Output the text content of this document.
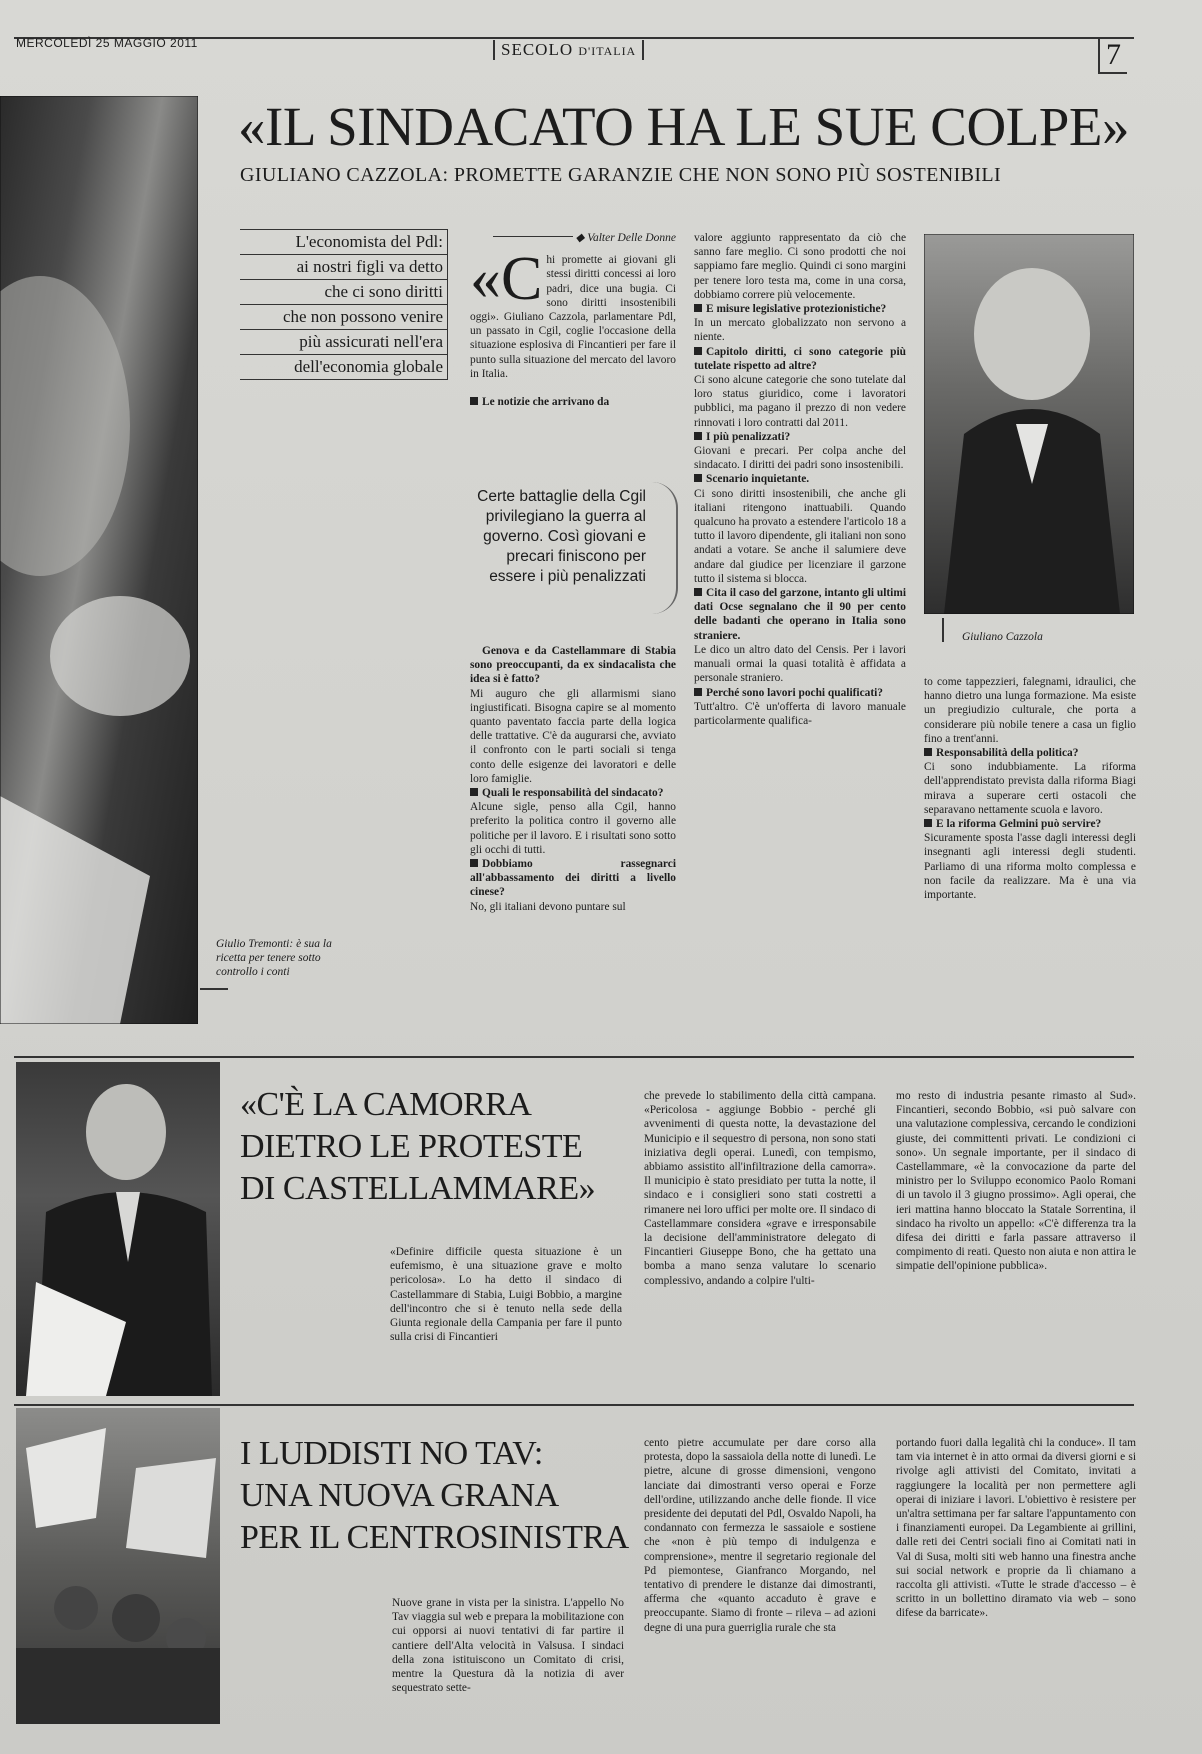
MERCOLEDÌ 25 MAGGIO 2011	SECOLO D'ITALIA	7
Giulio Tremonti: è sua la ricetta per tenere sotto controllo i conti
«IL SINDACATO HA LE SUE COLPE»
GIULIANO CAZZOLA: PROMETTE GARANZIE CHE NON SONO PIÙ SOSTENIBILI
L'economista del Pdl:
ai nostri figli va detto
che ci sono diritti
che non possono venire
più assicurati nell'era
dell'economia globale
◆ Valter Delle Donne

«Chi promette ai giovani gli stessi diritti concessi ai loro padri, dice una bugia. Ci sono diritti insostenibili oggi». Giuliano Cazzola, parlamentare Pdl, un passato in Cgil, coglie l'occasione della situazione esplosiva di Fincantieri per fare il punto sulla situazione del mercato del lavoro in Italia.

Le notizie che arrivano da

Certe battaglie della Cgil privilegiano la guerra al governo. Così giovani e precari finiscono per essere i più penalizzati

Genova e da Castellammare di Stabia sono preoccupanti, da ex sindacalista che idea si è fatto?

Mi auguro che gli allarmismi siano ingiustificati. Bisogna capire se al momento quanto paventato faccia parte della logica delle trattative. C'è da augurarsi che, avviato il confronto con le parti sociali si tenga conto delle esigenze dei lavoratori e delle loro famiglie.

Quali le responsabilità del sindacato?

Alcune sigle, penso alla Cgil, hanno preferito la politica contro il governo alle politiche per il lavoro. E i risultati sono sotto gli occhi di tutti.

Dobbiamo rassegnarci all'abbassamento dei diritti a livello cinese?

No, gli italiani devono puntare sul

valore aggiunto rappresentato da ciò che sanno fare meglio. Ci sono prodotti che noi sappiamo fare meglio. Quindi ci sono margini per tenere loro testa ma, come in una corsa, dobbiamo correre più velocemente.

E misure legislative protezionistiche?

In un mercato globalizzato non servono a niente.

Capitolo diritti, ci sono categorie più tutelate rispetto ad altre?

Ci sono alcune categorie che sono tutelate dal loro status giuridico, come i lavoratori pubblici, ma pagano il prezzo di non vedere rinnovati i loro contratti dal 2011.

I più penalizzati?

Giovani e precari. Per colpa anche del sindacato. I diritti dei padri sono insostenibili.

Scenario inquietante.

Ci sono diritti insostenibili, che anche gli italiani ritengono inattuabili. Quando qualcuno ha provato a estendere l'articolo 18 a tutto il lavoro dipendente, gli italiani non sono andati a votare. Se anche il salumiere deve andare dal giudice per licenziare il garzone tutto il sistema si blocca.

Cita il caso del garzone, intanto gli ultimi dati Ocse segnalano che il 90 per cento delle badanti che operano in Italia sono straniere.

Le dico un altro dato del Censis. Per i lavori manuali ormai la quasi totalità è affidata a personale straniero.

Perché sono lavori pochi qualificati?

Tutt'altro. C'è un'offerta di lavoro manuale particolarmente qualifica-

Giuliano Cazzola

to come tappezzieri, falegnami, idraulici, che hanno dietro una lunga formazione. Ma esiste un pregiudizio culturale, che porta a considerare più nobile tenere a casa un figlio fino a trent'anni.

Responsabilità della politica?

Ci sono indubbiamente. La riforma dell'apprendistato prevista dalla riforma Biagi mirava a superare certi ostacoli che separavano nettamente scuola e lavoro.

E la riforma Gelmini può servire?

Sicuramente sposta l'asse dagli interessi degli insegnanti agli interessi degli studenti. Parliamo di una riforma molto complessa e non facile da realizzare. Ma è una via importante.

«C'È LA CAMORRA
DIETRO LE PROTESTE
DI CASTELLAMMARE»
«Definire difficile questa situazione è un eufemismo, è una situazione grave e molto pericolosa». Lo ha detto il sindaco di Castellammare di Stabia, Luigi Bobbio, a margine dell'incontro che si è tenuto nella sede della Giunta regionale della Campania per fare il punto sulla crisi di Fincantieri
che prevede lo stabilimento della città campana. «Pericolosa - aggiunge Bobbio - perché gli avvenimenti di questa notte, la devastazione del Municipio e il sequestro di persona, non sono stati iniziativa degli operai. Lunedì, con tempismo, abbiamo assistito all'infiltrazione della camorra». Il municipio è stato presidiato per tutta la notte, il sindaco e i consiglieri sono stati costretti a rimanere nei loro uffici per molte ore. Il sindaco di Castellammare considera «grave e irresponsabile la decisione dell'amministratore delegato di Fincantieri Giuseppe Bono, che ha gettato una bomba a mano senza valutare lo scenario complessivo, andando a colpire l'ulti-
mo resto di industria pesante rimasto al Sud». Fincantieri, secondo Bobbio, «si può salvare con una valutazione complessiva, cercando le condizioni giuste, dei committenti privati. Le condizioni ci sono». Un segnale importante, per il sindaco di Castellammare, «è la convocazione da parte del ministro per lo Sviluppo economico Paolo Romani di un tavolo il 3 giugno prossimo». Agli operai, che ieri mattina hanno bloccato la Statale Sorrentina, il sindaco ha rivolto un appello: «C'è differenza tra la difesa dei diritti e farla passare attraverso il compimento di reati. Questo non aiuta e non attira le simpatie dell'opinione pubblica».
I LUDDISTI NO TAV:
UNA NUOVA GRANA
PER IL CENTROSINISTRA
Nuove grane in vista per la sinistra. L'appello No Tav viaggia sul web e prepara la mobilitazione con cui opporsi ai nuovi tentativi di far partire il cantiere dell'Alta velocità in Valsusa. I sindaci della zona istituiscono un Comitato di crisi, mentre la Questura dà la notizia di aver sequestrato sette-
cento pietre accumulate per dare corso alla protesta, dopo la sassaiola della notte di lunedì. Le pietre, alcune di grosse dimensioni, vengono lanciate dai dimostranti verso operai e Forze dell'ordine, utilizzando anche delle fionde. Il vice presidente dei deputati del Pdl, Osvaldo Napoli, ha condannato con fermezza le sassaiole e sostiene che «non è più tempo di indulgenza e comprensione», mentre il segretario regionale del Pd piemontese, Gianfranco Morgando, nel tentativo di prendere le distanze dai dimostranti, afferma che «quanto accaduto è grave e preoccupante. Siamo di fronte – rileva – ad azioni degne di una pura guerriglia rurale che sta
portando fuori dalla legalità chi la conduce». Il tam tam via internet è in atto ormai da diversi giorni e si rivolge agli attivisti del Comitato, invitati a raggiungere la località per non permettere agli operai di iniziare i lavori. L'obiettivo è resistere per un'altra settimana per far saltare l'appuntamento con i finanziamenti europei. Da Legambiente ai grillini, dalle reti dei Centri sociali fino ai Comitati nati in Val di Susa, molti siti web hanno una finestra anche sui social network e proprie da lì chiamano a raccolta gli attivisti. «Tutte le strade d'accesso – è scritto in un bollettino diramato via web – sono difese da barricate».
